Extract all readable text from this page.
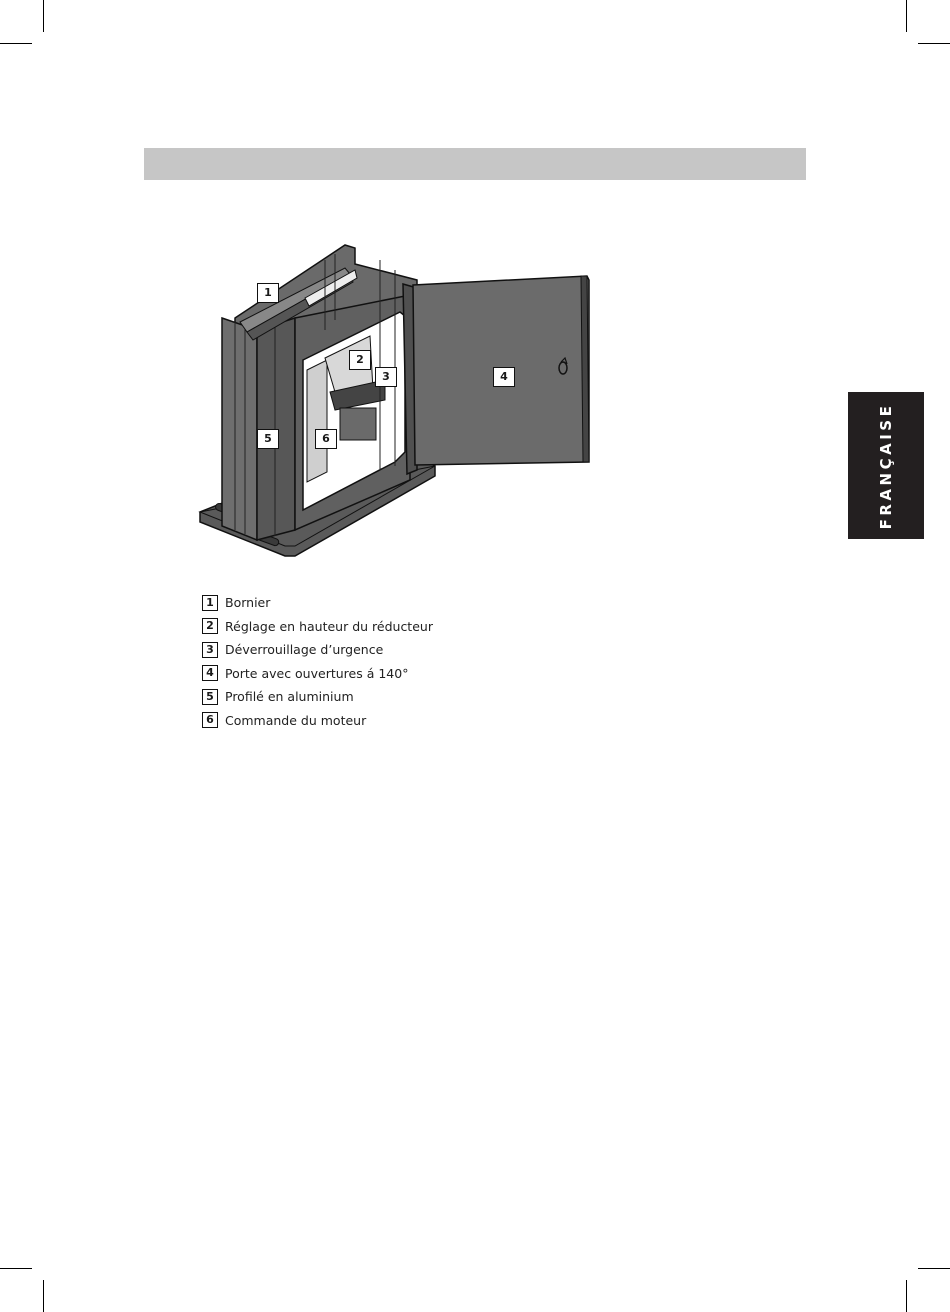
FRANÇAISE
1
2
3	4
5	6
1 Bornier
2 Réglage en hauteur du réducteur
3 Déverrouillage d’urgence
4 Porte avec ouvertures á 140°
5 Profilé en aluminium
6 Commande du moteur
